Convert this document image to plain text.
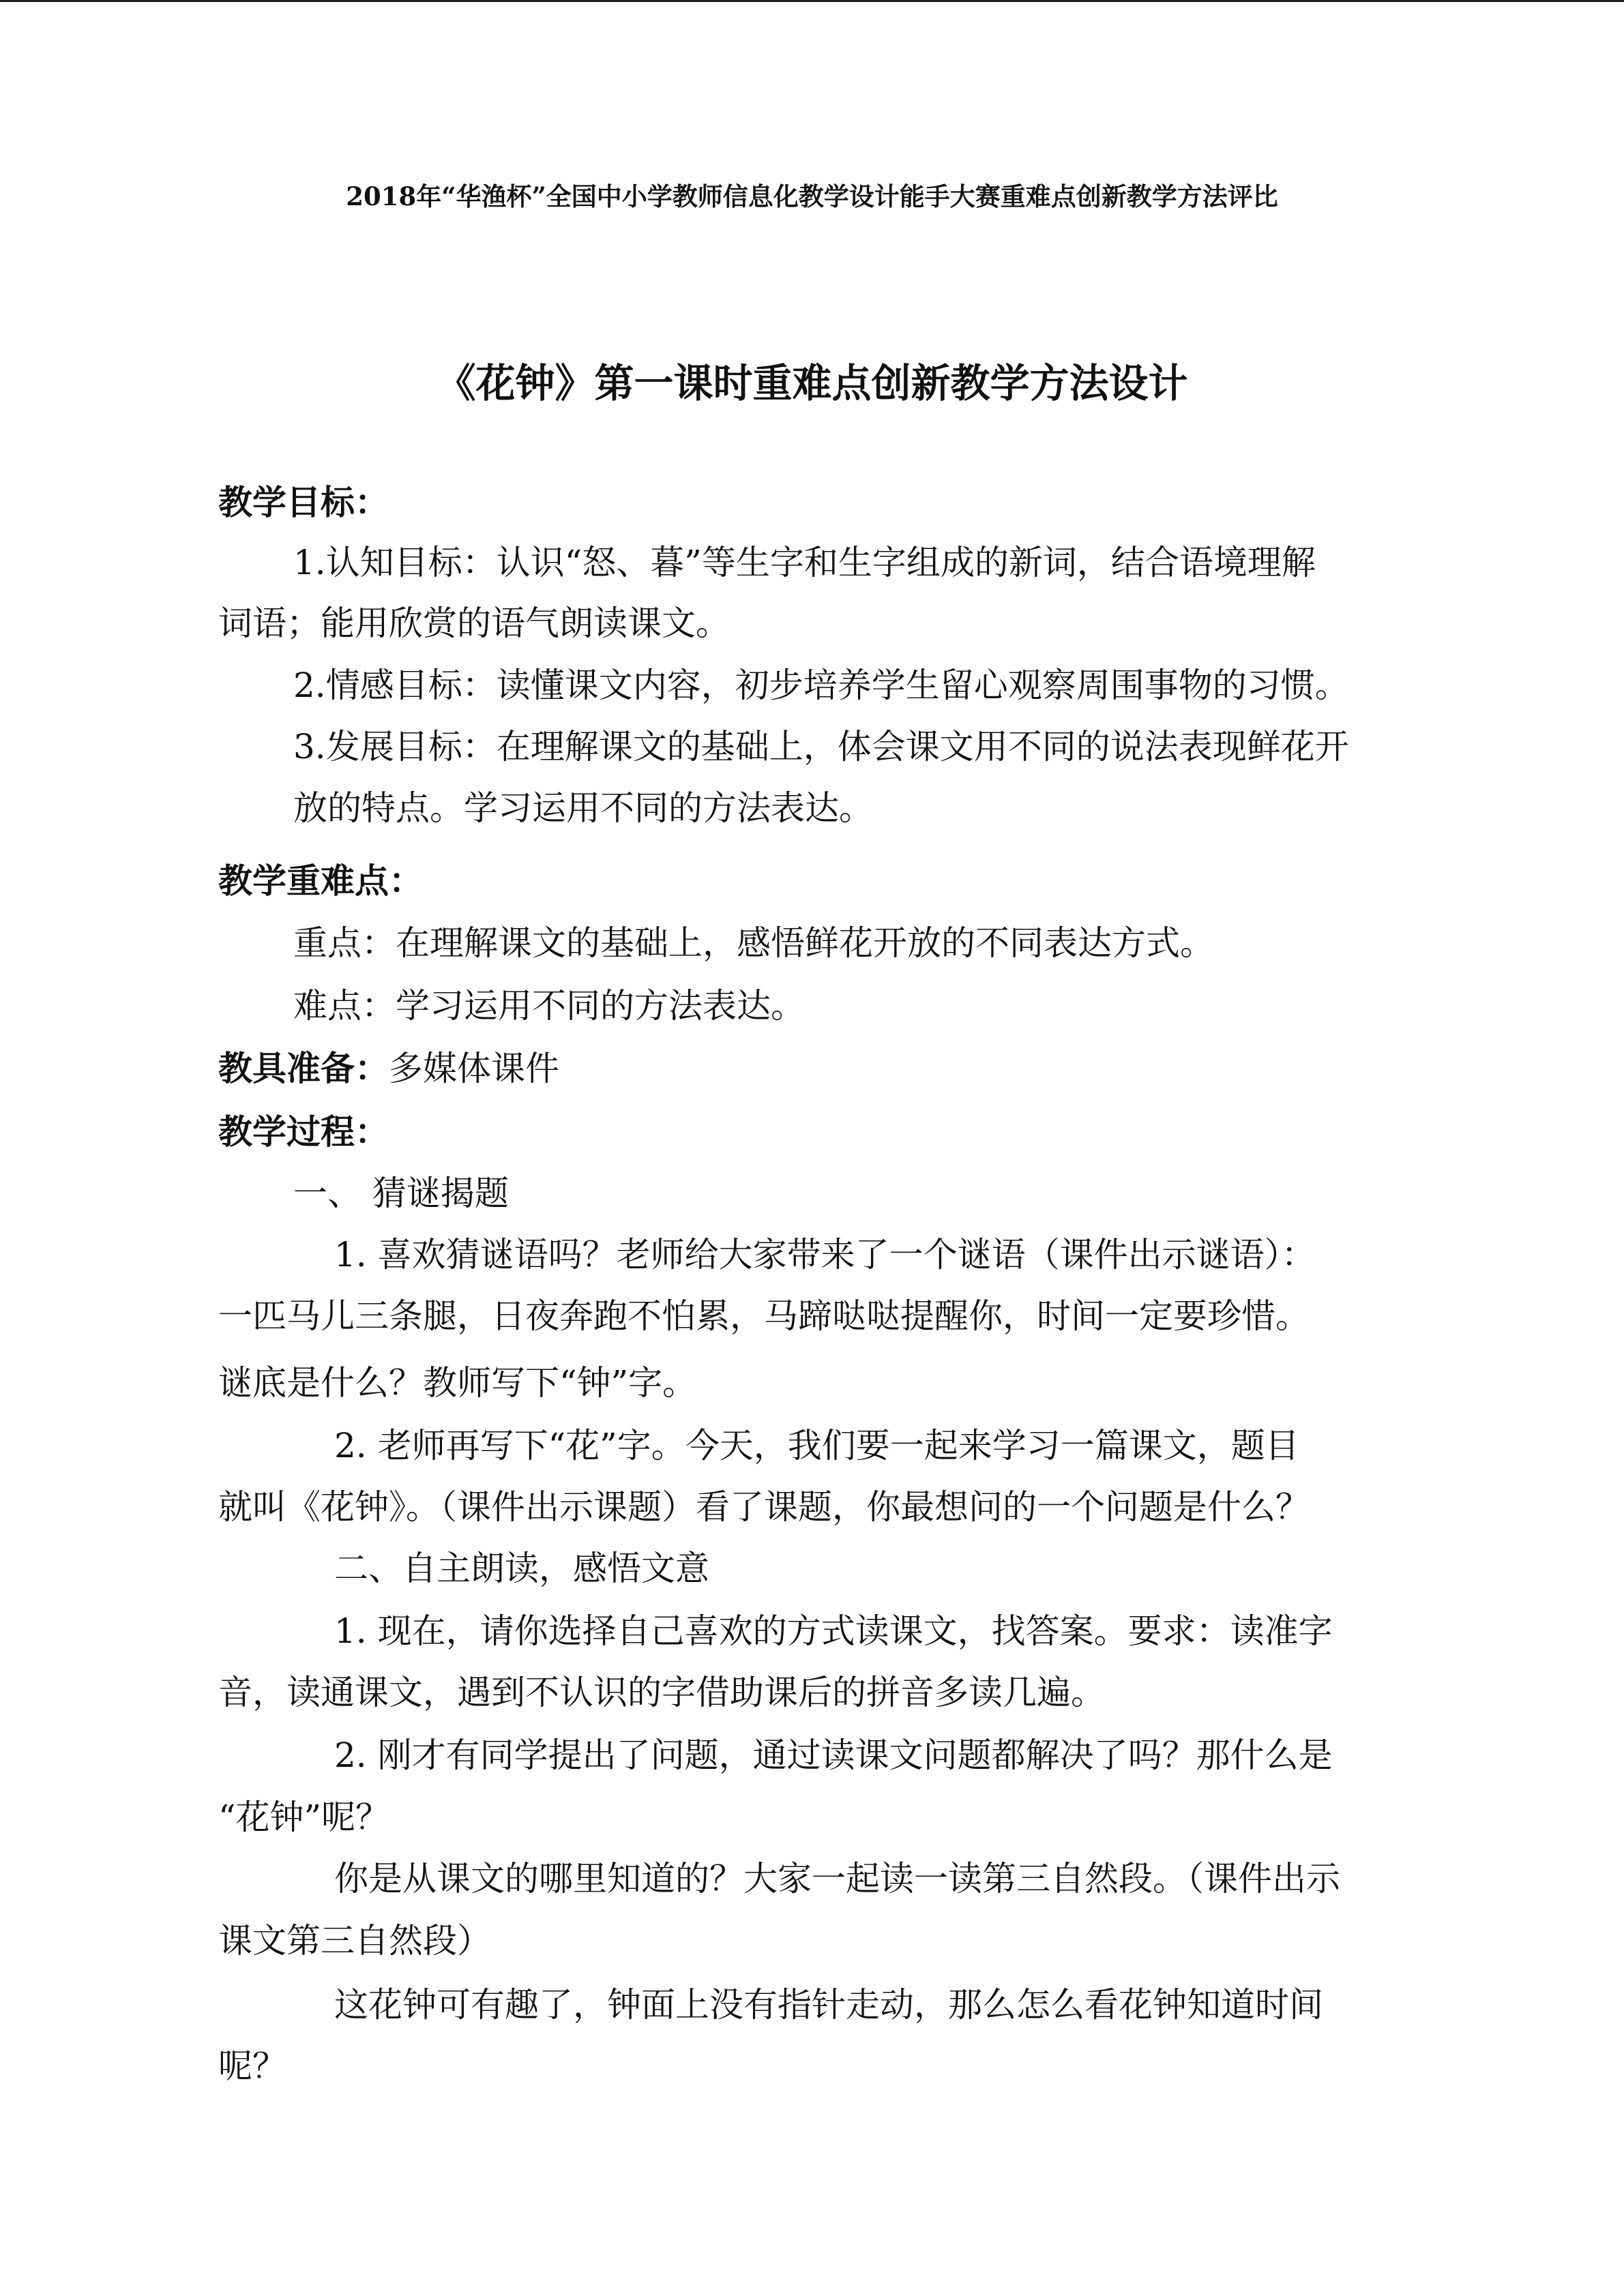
2018年“华渔杯”全国中小学教师信息化教学设计能手大赛重难点创新教学方法评比
《花钟》第一课时重难点创新教学方法设计
教学目标：
1.认知目标：认识“怒、暮”等生字和生字组成的新词，结合语境理解
词语；能用欣赏的语气朗读课文。
2.情感目标：读懂课文内容，初步培养学生留心观察周围事物的习惯。
3.发展目标：在理解课文的基础上，体会课文用不同的说法表现鲜花开
放的特点。学习运用不同的方法表达。
教学重难点：
重点：在理解课文的基础上，感悟鲜花开放的不同表达方式。
难点：学习运用不同的方法表达。
教具准备：多媒体课件
教学过程：
一、 猜谜揭题
1. 喜欢猜谜语吗？老师给大家带来了一个谜语（课件出示谜语）：
一匹马儿三条腿，日夜奔跑不怕累，马蹄哒哒提醒你，时间一定要珍惜。
谜底是什么？教师写下“钟”字。
2. 老师再写下“花”字。今天，我们要一起来学习一篇课文，题目
就叫《花钟》。（课件出示课题）看了课题，你最想问的一个问题是什么？
二、自主朗读，感悟文意
1. 现在，请你选择自己喜欢的方式读课文，找答案。要求：读准字
音，读通课文，遇到不认识的字借助课后的拼音多读几遍。
2. 刚才有同学提出了问题，通过读课文问题都解决了吗？那什么是
“花钟”呢？
你是从课文的哪里知道的？大家一起读一读第三自然段。（课件出示
课文第三自然段）
这花钟可有趣了，钟面上没有指针走动，那么怎么看花钟知道时间
呢？
